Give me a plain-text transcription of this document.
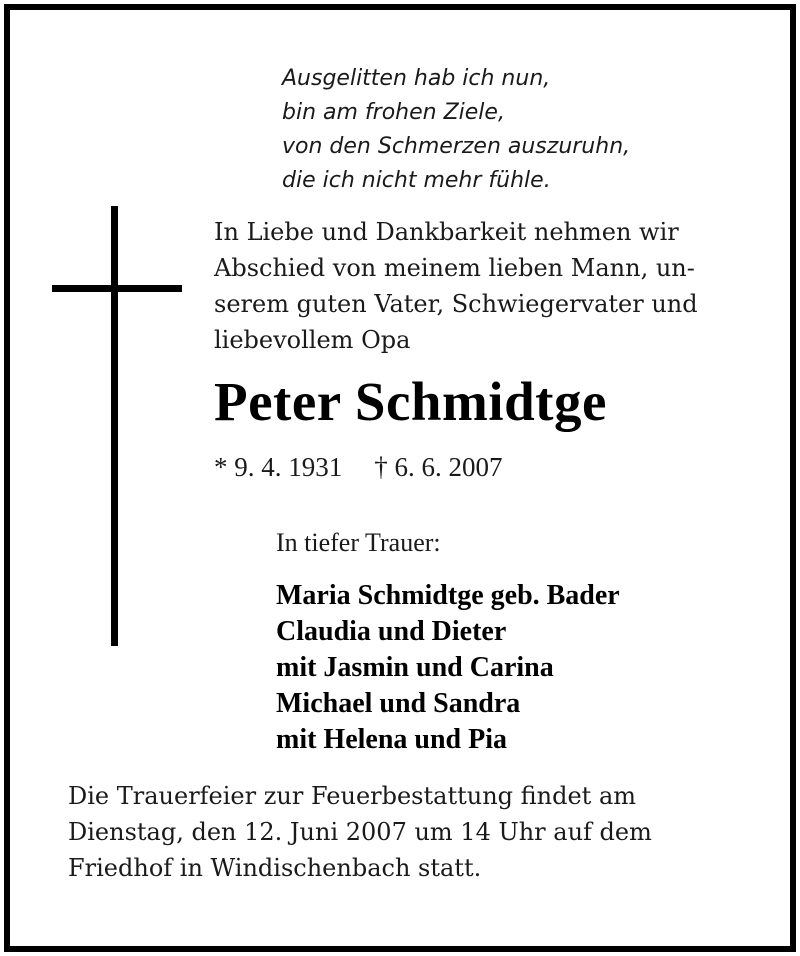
Ausgelitten hab ich nun,
bin am frohen Ziele,
von den Schmerzen auszuruhn,
die ich nicht mehr fühle.
In Liebe und Dankbarkeit nehmen wir
Abschied von meinem lieben Mann, un-
serem guten Vater, Schwiegervater und
liebevollem Opa
Peter Schmidtge
* 9. 4. 1931 † 6. 6. 2007
In tiefer Trauer:
Maria Schmidtge geb. Bader
Claudia und Dieter
mit Jasmin und Carina
Michael und Sandra
mit Helena und Pia
Die Trauerfeier zur Feuerbestattung findet am
Dienstag, den 12. Juni 2007 um 14 Uhr auf dem
Friedhof in Windischenbach statt.
